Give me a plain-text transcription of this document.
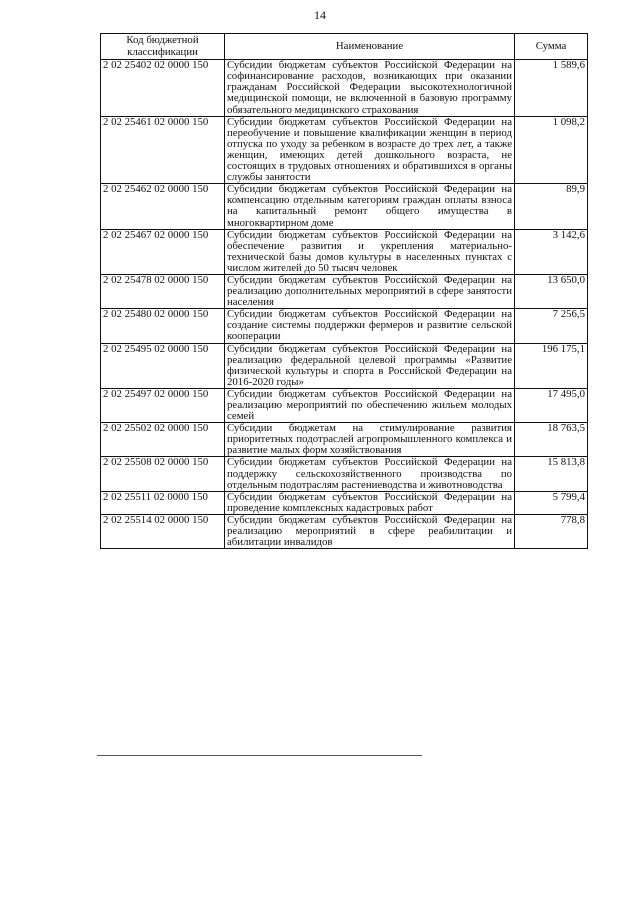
14
Код бюджетной классификации	Наименование	Сумма
2 02 25402 02 0000 150	Субсидии бюджетам субъектов Российской Федерации на софинансирование расходов, возникающих при оказании гражданам Российской Федерации высокотехнологичной медицинской помощи, не включенной в базовую программу обязательного медицинского страхования	1 589,6
2 02 25461 02 0000 150	Субсидии бюджетам субъектов Российской Федерации на переобучение и повышение квалификации женщин в период отпуска по уходу за ребенком в возрасте до трех лет, а также женщин, имеющих детей дошкольного возраста, не состоящих в трудовых отношениях и обратившихся в органы службы занятости	1 098,2
2 02 25462 02 0000 150	Субсидии бюджетам субъектов Российской Федерации на компенсацию отдельным категориям граждан оплаты взноса на капитальный ремонт общего имущества в многоквартирном доме	89,9
2 02 25467 02 0000 150	Субсидии бюджетам субъектов Российской Федерации на обеспечение развития и укрепления материально-технической базы домов культуры в населенных пунктах с числом жителей до 50 тысяч человек	3 142,6
2 02 25478 02 0000 150	Субсидии бюджетам субъектов Российской Федерации на реализацию дополнительных мероприятий в сфере занятости населения	13 650,0
2 02 25480 02 0000 150	Субсидии бюджетам субъектов Российской Федерации на создание системы поддержки фермеров и развитие сельской кооперации	7 256,5
2 02 25495 02 0000 150	Субсидии бюджетам субъектов Российской Федерации на реализацию федеральной целевой программы «Развитие физической культуры и спорта в Российской Федерации на 2016-2020 годы»	196 175,1
2 02 25497 02 0000 150	Субсидии бюджетам субъектов Российской Федерации на реализацию мероприятий по обеспечению жильем молодых семей	17 495,0
2 02 25502 02 0000 150	Субсидии бюджетам на стимулирование развития приоритетных подотраслей агропромышленного комплекса и развитие малых форм хозяйствования	18 763,5
2 02 25508 02 0000 150	Субсидии бюджетам субъектов Российской Федерации на поддержку сельскохозяйственного производства по отдельным подотраслям растениеводства и животноводства	15 813,8
2 02 25511 02 0000 150	Субсидии бюджетам субъектов Российской Федерации на проведение комплексных кадастровых работ	5 799,4
2 02 25514 02 0000 150	Субсидии бюджетам субъектов Российской Федерации на реализацию мероприятий в сфере реабилитации и абилитации инвалидов	778,8
